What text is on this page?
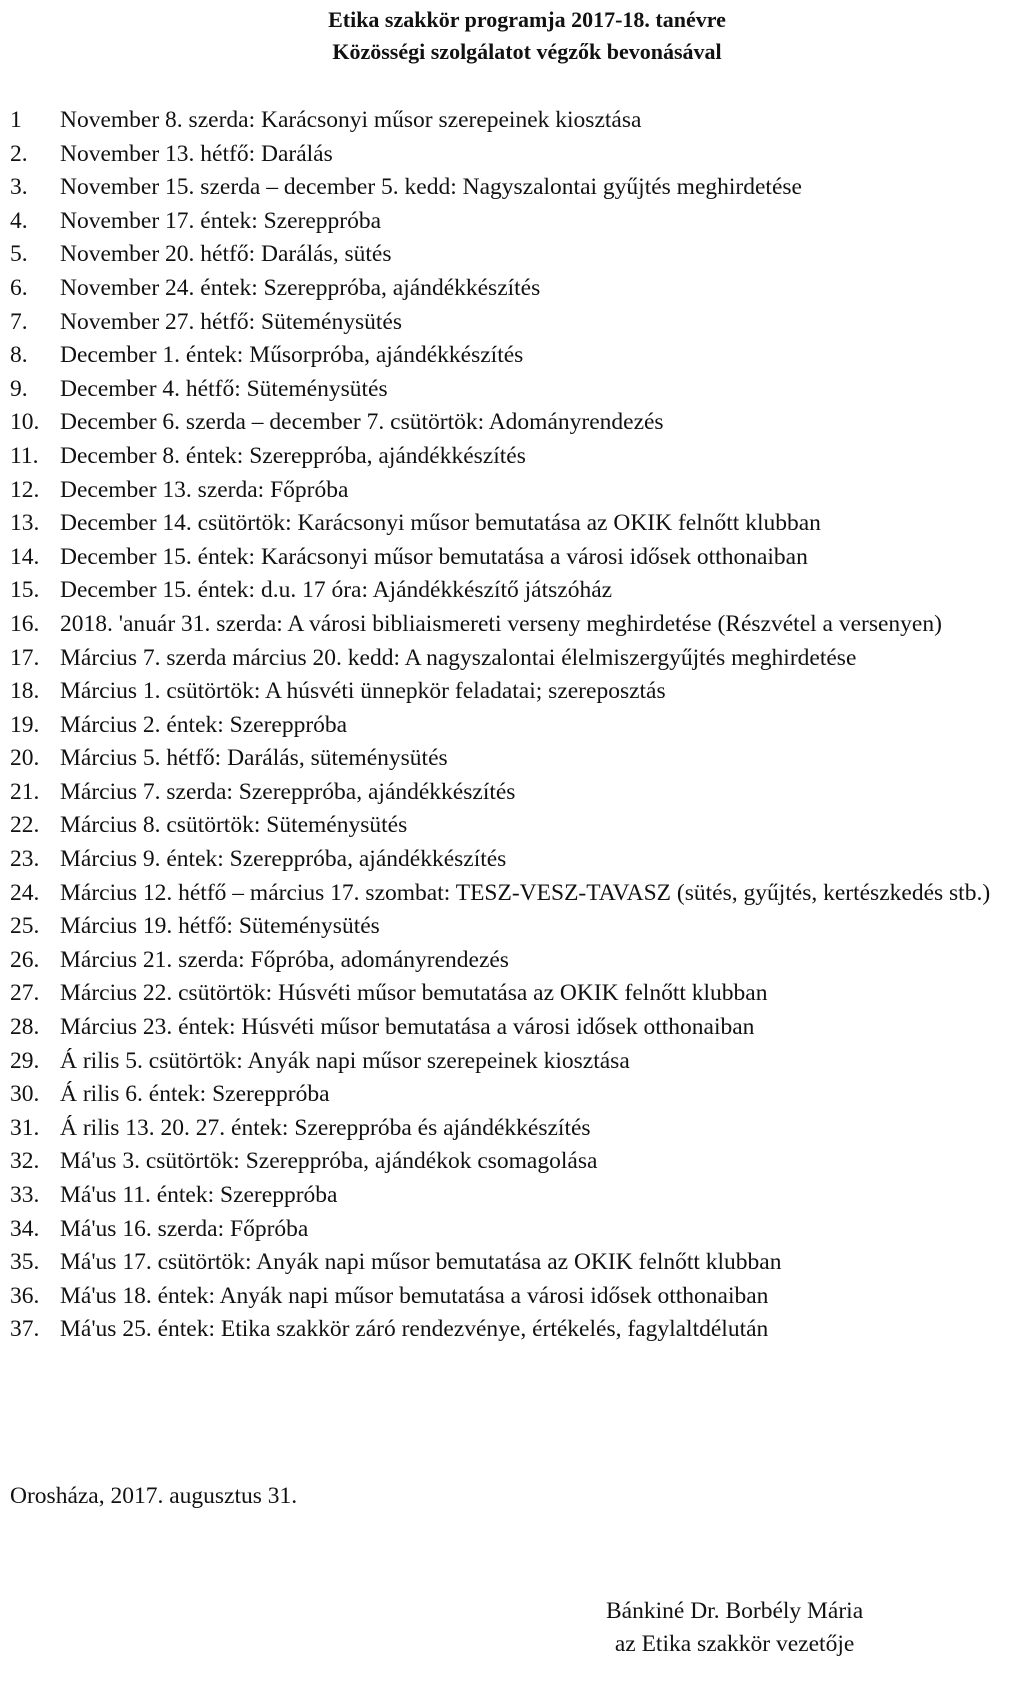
Etika szakkör programja 2017-18. tanévre
Közösségi szolgálatot végzők bevonásával
1	November 8. szerda: Karácsonyi műsor szerepeinek kiosztása
2.	November 13. hétfő: Darálás
3.	November 15. szerda – december 5. kedd: Nagyszalontai gyűjtés meghirdetése
4.	November 17. éntek: Szereppróba
5.	November 20. hétfő: Darálás, sütés
6.	November 24. éntek: Szereppróba, ajándékkészítés
7.	November 27. hétfő: Süteménysütés
8.	December 1. éntek: Műsorpróba, ajándékkészítés
9.	December 4. hétfő: Süteménysütés
10. December 6. szerda – december 7. csütörtök: Adományrendezés
11. December 8. éntek: Szereppróba, ajándékkészítés
12. December 13. szerda: Főpróba
13. December 14. csütörtök: Karácsonyi műsor bemutatása az OKIK felnőtt klubban
14. December 15. éntek: Karácsonyi műsor bemutatása a városi idősek otthonaiban
15. December 15. éntek: d.u. 17 óra: Ajándékkészítő játszóház
16. 2018. 'anuár 31. szerda: A városi bibliaismereti verseny meghirdetése (Részvétel a versenyen)
17. Március 7. szerda március 20. kedd: A nagyszalontai élelmiszergyűjtés meghirdetése
18. Március 1. csütörtök: A húsvéti ünnepkör feladatai; szereposztás
19. Március 2. éntek: Szereppróba
20. Március 5. hétfő: Darálás, süteménysütés
21. Március 7. szerda: Szereppróba, ajándékkészítés
22. Március 8. csütörtök: Süteménysütés
23. Március 9. éntek: Szereppróba, ajándékkészítés
24. Március 12. hétfő – március 17. szombat: TESZ-VESZ-TAVASZ (sütés, gyűjtés, kertészkedés stb.)
25. Március 19. hétfő: Süteménysütés
26. Március 21. szerda: Főpróba, adományrendezés
27. Március 22. csütörtök: Húsvéti műsor bemutatása az OKIK felnőtt klubban
28. Március 23. éntek: Húsvéti műsor bemutatása a városi idősek otthonaiban
29. Á rilis 5. csütörtök: Anyák napi műsor szerepeinek kiosztása
30. Á rilis 6. éntek: Szereppróba
31. Á rilis 13. 20. 27. éntek: Szereppróba és ajándékkészítés
32. Má'us 3. csütörtök: Szereppróba, ajándékok csomagolása
33. Má'us 11. éntek: Szereppróba
34. Má'us 16. szerda: Főpróba
35. Má'us 17. csütörtök: Anyák napi műsor bemutatása az OKIK felnőtt klubban
36. Má'us 18. éntek: Anyák napi műsor bemutatása a városi idősek otthonaiban
37. Má'us 25. éntek: Etika szakkör záró rendezvénye, értékelés, fagylaltdélután
Orosháza, 2017. augusztus 31.
Bánkiné Dr. Borbély Mária
az Etika szakkör vezetője
